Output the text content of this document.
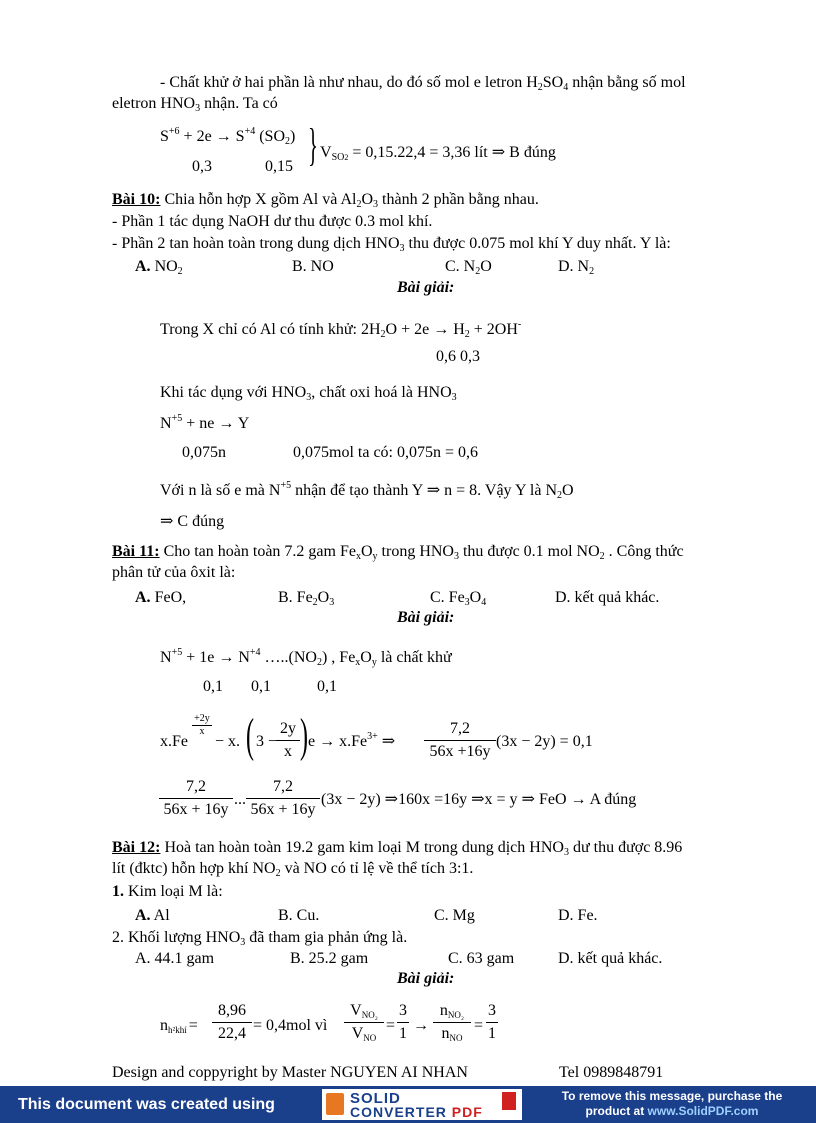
- Chất khử ở hai phần là như nhau, do đó số mol e letron $H_2SO_4$ nhận bằng số mol
eletron $HNO_3$ nhận. Ta có
$S^{+6} + 2e \to S^{+4}$ $(SO_2)$ } $V_{SO2} = 0,15.22,4 = 3,36$ lít ⇒ B đúng
0,3	0,15
Bài 10: Chia hỗn hợp X gồm Al và $Al_2O_3$ thành 2 phần bằng nhau.
- Phần 1 tác dụng NaOH dư thu được 0.3 mol khí.
- Phần 2 tan hoàn toàn trong dung dịch $HNO_3$ thu được 0.075 mol khí Y duy nhất. Y là:
A. $NO_2$	B. NO	C. $N_2O$	D. $N_2$
Bài giải:
Trong X chỉ có Al có tính khử: $2H_2O + 2e \to H_2 + 2OH^-$
0,6 0,3
Khi tác dụng với $HNO_3$, chất oxi hoá là $HNO_3$
$N^{+5}$ + ne → Y
0,075n	0,075mol ta có: 0,075n = 0,6
Với n là số e mà $N^{+5}$ nhận để tạo thành Y ⇒ n = 8. Vậy Y là $N_2O$
⇒ C đúng
Bài 11: Cho tan hoàn toàn 7.2 gam $Fe_xO_y$ trong $HNO_3$ thu được 0.1 mol $NO_2$ . Công thức
phân tử của ôxit là:
A. FeO,	B. $Fe_2O_3$	C. $Fe_3O_4$	D. kết quả khác.
Bài giải:
$N^{+5} + 1e \to N^{+4}$ $\dots..(NO_2)$ , $Fe_xO_y$ là chất khử
0,1 0,1	0,1
x.Fe
+2y
x
− x. ( 3 −
2y
x ) $e \to x.Fe^{3+}$ ⇒
7,2
56x +16y
(3x − 2y) = 0,1
7,2
56x + 16y
...
7,2
56x + 16y
(3x − 2y) ⇒160x =16y ⇒x = y ⇒ FeO → A đúng
Bài 12: Hoà tan hoàn toàn 19.2 gam kim loại M trong dung dịch $HNO_3$ dư thu được 8.96
lít (đktc) hỗn hợp khí $NO_2$ và NO có tỉ lệ về thể tích 3:1.
1. Kim loại M là:
A. Al	B. Cu.	C. Mg	D. Fe.
2. Khối lượng $HNO_3$ đã tham gia phản ứng là.
A. 44.1 gam	B. 25.2 gam	C. 63 gam	D. kết quả khác.
Bài giải:
$n_{h^2khí}$ =
8,96
22,4 = 0,4mol vì
$V_{NO_2}$
$V_{NO}$
=
3
1 →
$n_{NO_2}$
$n_{NO}$
=
3
1
Design and coppyright by Master NGUYEN AI NHAN	Tel 0989848791
This document was created using	SOLID
CONVERTER PDF
To remove this message, purchase the
product at www.SolidPDF.com
